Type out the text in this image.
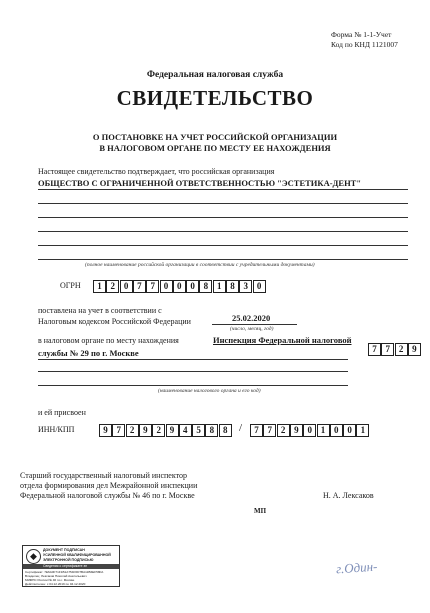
Форма № 1-1-Учет
Код по КНД 1121007
Федеральная налоговая служба
СВИДЕТЕЛЬСТВО
О ПОСТАНОВКЕ НА УЧЕТ РОССИЙСКОЙ ОРГАНИЗАЦИИ
В НАЛОГОВОМ ОРГАНЕ ПО МЕСТУ ЕЕ НАХОЖДЕНИЯ
Настоящее свидетельство подтверждает, что российская организация
ОБЩЕСТВО С ОГРАНИЧЕННОЙ ОТВЕТСТВЕННОСТЬЮ "ЭСТЕТИКА-ДЕНТ"
(полное наименование российской организации в соответствии с учредительными документами)
ОГРН	1 2 0 7 7 0 0 0 8 1 8 3 0
поставлена на учет в соответствии с
Налоговым кодексом Российской Федерации	25.02.2020
(число, месяц, год)
в налоговом органе по месту нахождения	Инспекция Федеральной налоговой
службы № 29 по г. Москве	7 7 2 9
(наименование налогового органа и его код)
и ей присвоен
ИНН/КПП	9 7 2 9 2 9 4 5 8 8	/	7 7 2 9 0 1 0 0 1
Старший государственный налоговый инспектор
отдела формирования дел Межрайонной инспекции
Федеральной налоговой службы № 46 по г. Москве	Н. А. Лексаков
МП
◆
ДОКУМЕНТ ПОДПИСАН
УСИЛЕННОЙ КВАЛИФИЦИРОВАННОЙ
ЭЛЕКТРОННОЙ ПОДПИСЬЮ
Сведения о сертификате эп
Сертификат: 7E6A0F71F1B1A754F6D7BA11B6EF58FA
Владелец: Лексаков Николай Анатольевич
МИФНС России № 46 по г. Москве
Действителен: с 04.12.2019 по 04.12.2020
г.Один-
